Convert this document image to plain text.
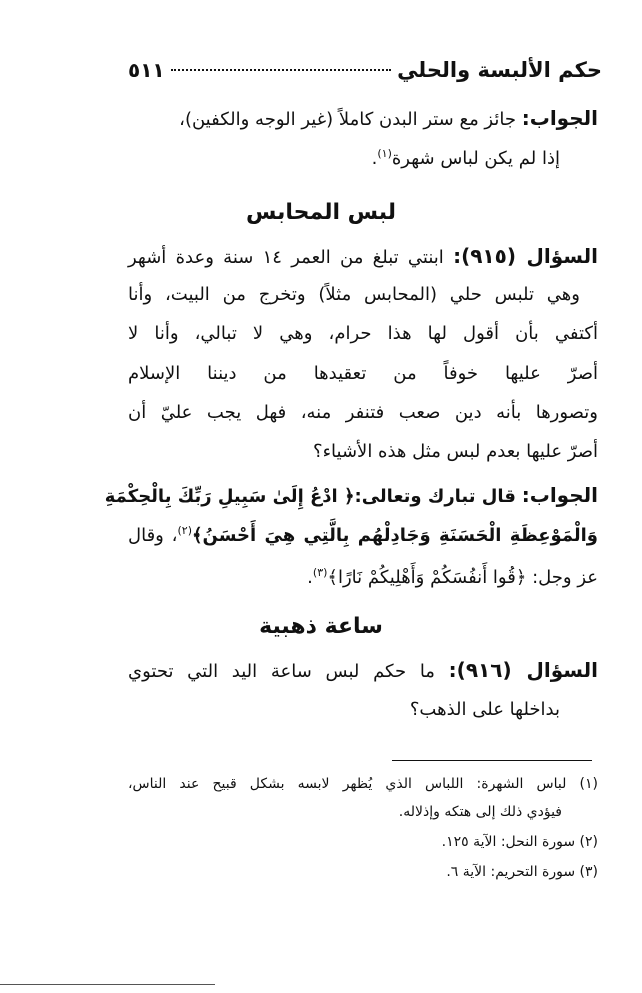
حكم الألبسة والحلي
٥١١
الجواب: جائز مع ستر البدن كاملاً (غير الوجه والكفين)،
إذا لم يكن لباس شهرة$^{(١)}$.
لبس المحابس
السؤال (٩١٥): ابنتي تبلغ من العمر ١٤ سنة وعدة أشهر
وهي تلبس حلي (المحابس مثلاً) وتخرج من البيت، وأنا
أكتفي بأن أقول لها هذا حرام، وهي لا تبالي، وأنا لا
أصرّ عليها خوفاً من تعقيدها من ديننا الإسلام
وتصورها بأنه دين صعب فتنفر منه، فهل يجب عليّ أن
أصرّ عليها بعدم لبس مثل هذه الأشياء؟
الجواب: قال تبارك وتعالى:﴿ ادْعُ إِلَىٰ سَبِيلِ رَبِّكَ بِالْحِكْمَةِ
وَالْمَوْعِظَةِ الْحَسَنَةِ وَجَادِلْهُم بِالَّتِي هِيَ أَحْسَنُ﴾$^{(٢)}$، وقال
عز وجل: ﴿قُوا أَنفُسَكُمْ وَأَهْلِيكُمْ نَارًا﴾$^{(٣)}$.
ساعة ذهبية
السؤال (٩١٦): ما حكم لبس ساعة اليد التي تحتوي
بداخلها على الذهب؟
(١) لباس الشهرة: اللباس الذي يُظهر لابسه بشكل قبيح عند الناس،
فيؤدي ذلك إلى هتكه وإذلاله.
(٢) سورة النحل: الآية ١٢٥.
(٣) سورة التحريم: الآية ٦.
